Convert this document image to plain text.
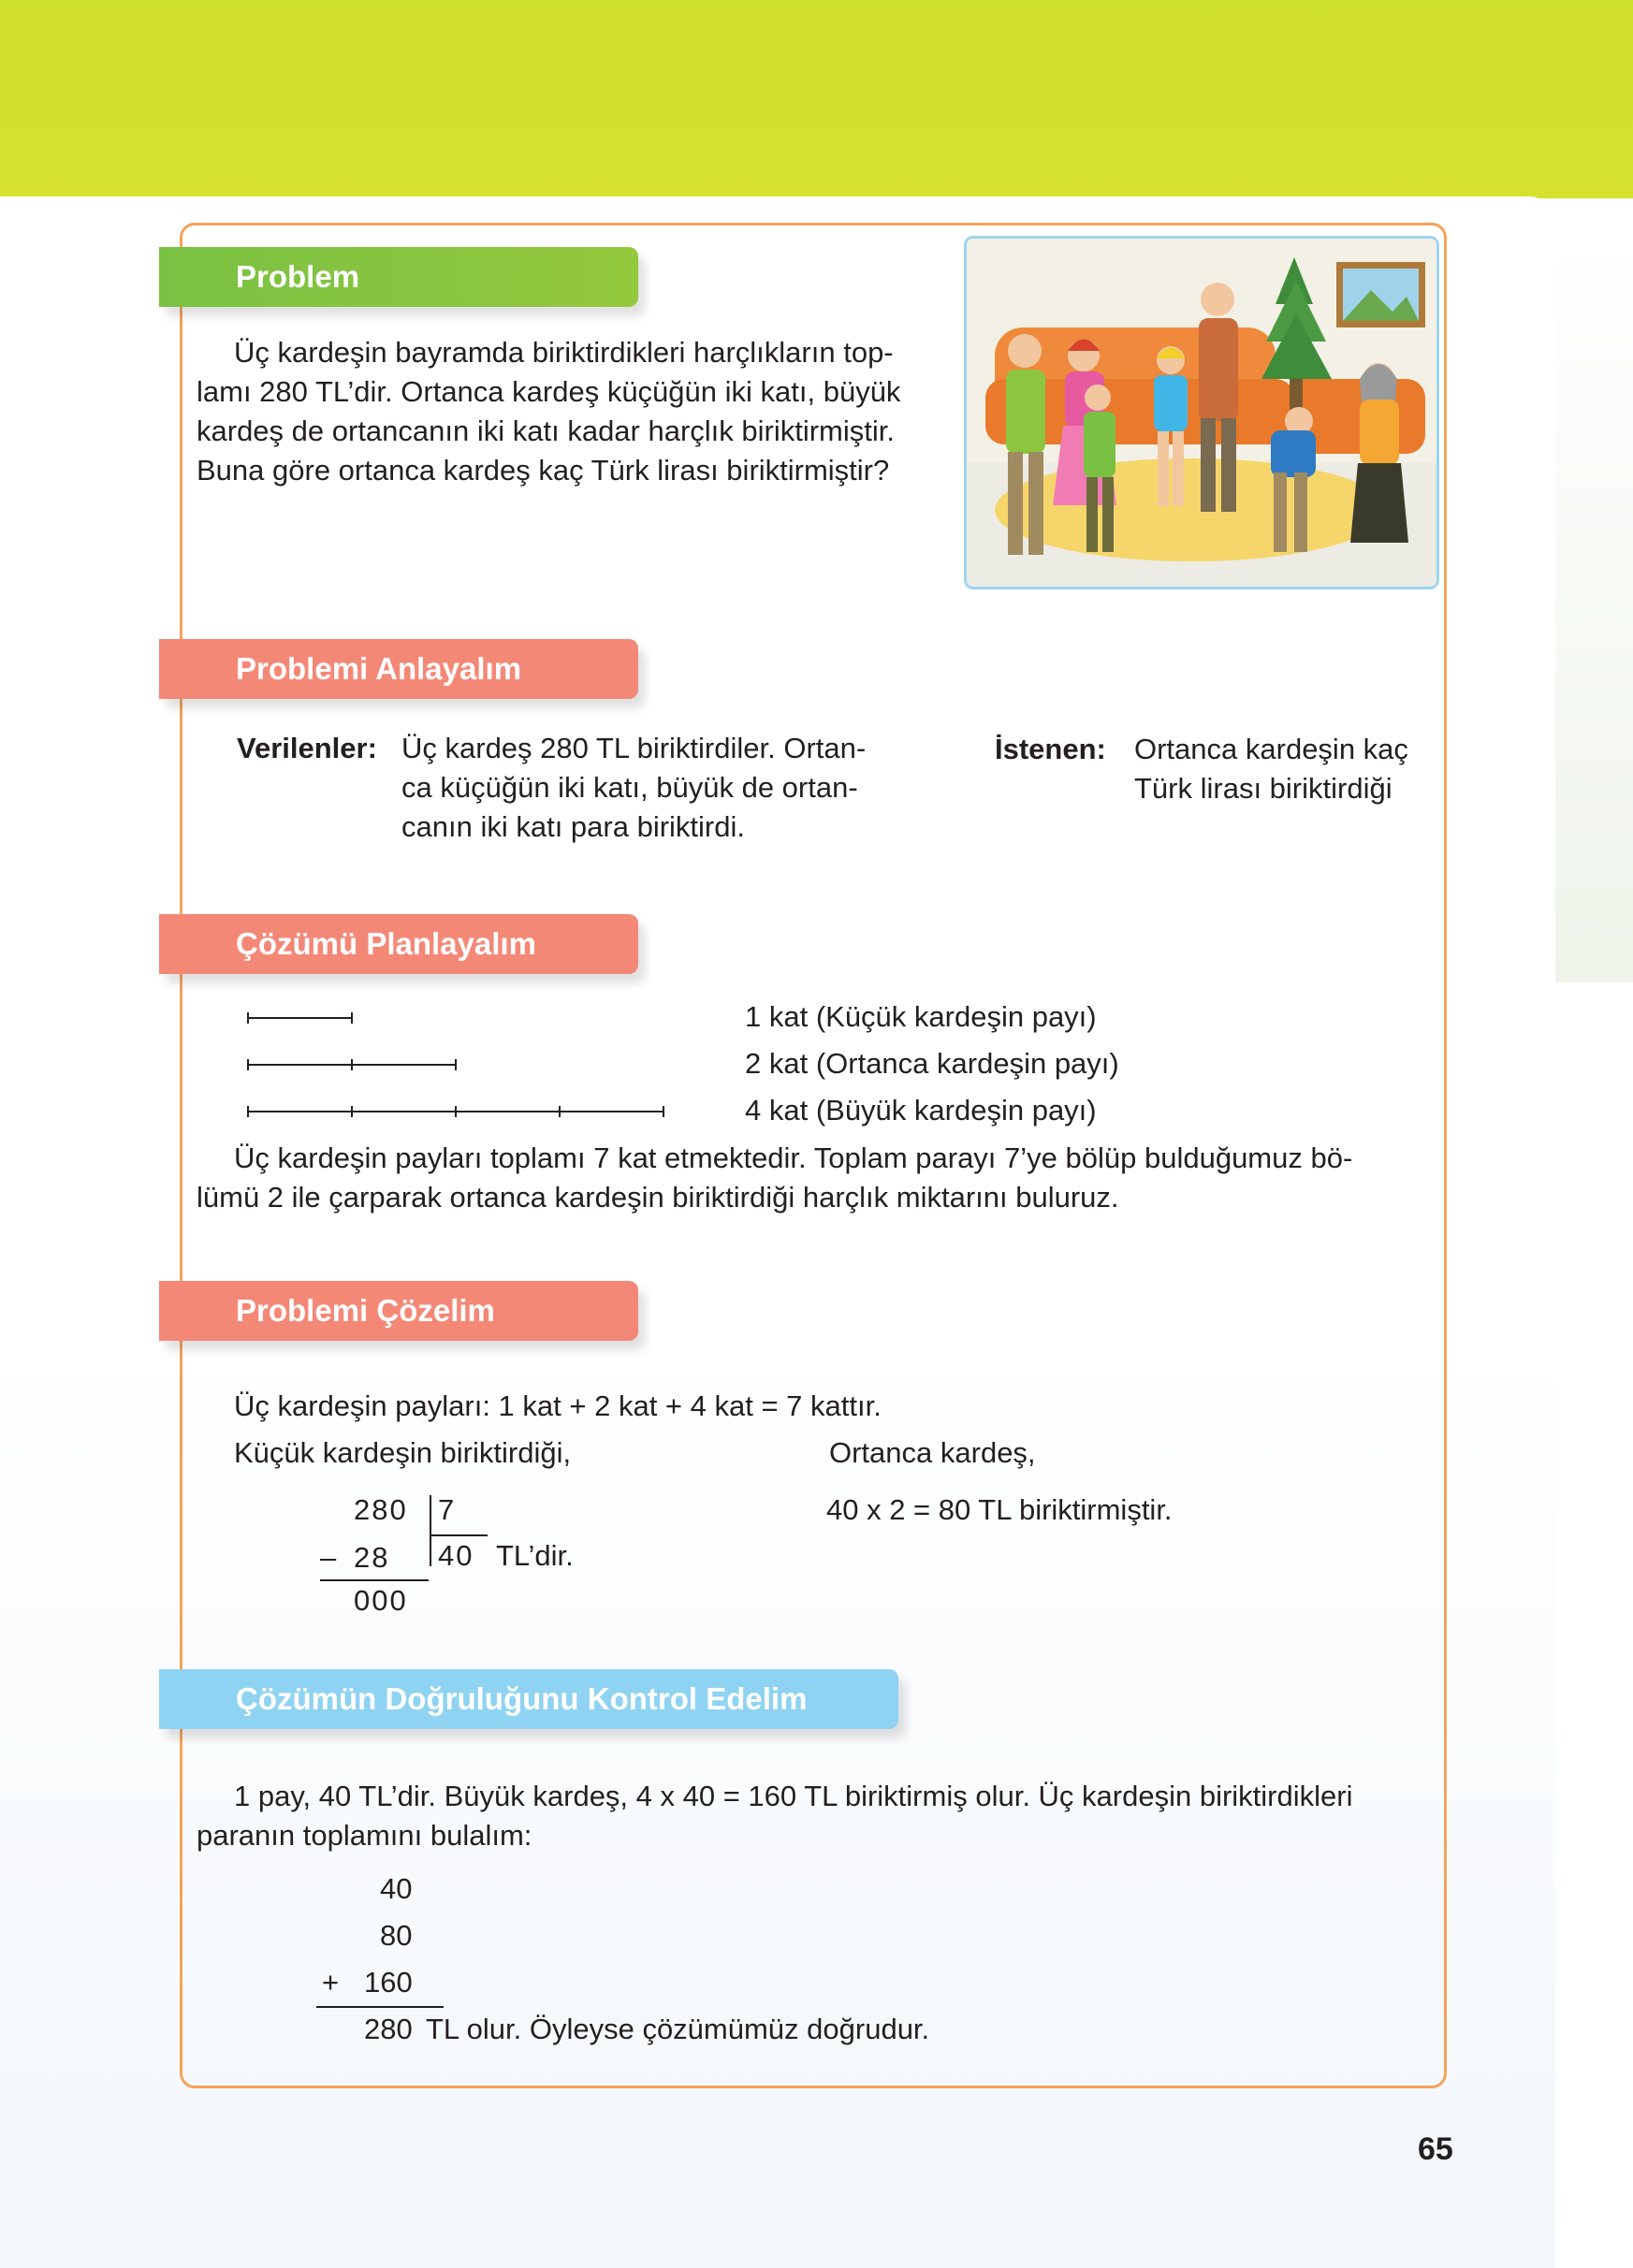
Problem
Üç kardeşin bayramda biriktirdikleri harçlıkların top-
lamı 280 TL’dir. Ortanca kardeş küçüğün iki katı, büyük
kardeş de ortancanın iki katı kadar harçlık biriktirmiştir.
Buna göre ortanca kardeş kaç Türk lirası biriktirmiştir?
Problemi Anlayalım
Verilenler: Üç kardeş 280 TL biriktirdiler. Ortan-
ca küçüğün iki katı, büyük de ortan-
canın iki katı para biriktirdi.
İstenen: Ortanca kardeşin kaç
Türk lirası biriktirdiği
Çözümü Planlayalım
1 kat (Küçük kardeşin payı)
2 kat (Ortanca kardeşin payı)
4 kat (Büyük kardeşin payı)
Üç kardeşin payları toplamı 7 kat etmektedir. Toplam parayı 7’ye bölüp bulduğumuz bö-
lümü 2 ile çarparak ortanca kardeşin biriktirdiği harçlık miktarını buluruz.
Problemi Çözelim
Üç kardeşin payları: 1 kat + 2 kat + 4 kat = 7 kattır.
Küçük kardeşin biriktirdiği,	Ortanca kardeş,
280 7
– 28 40 TL’dir.
000
40 x 2 = 80 TL biriktirmiştir.
Çözümün Doğruluğunu Kontrol Edelim
1 pay, 40 TL’dir. Büyük kardeş, 4 x 40 = 160 TL biriktirmiş olur. Üç kardeşin biriktirdikleri
paranın toplamını bulalım:
40
80
+ 160
280 TL olur. Öyleyse çözümümüz doğrudur.
65
